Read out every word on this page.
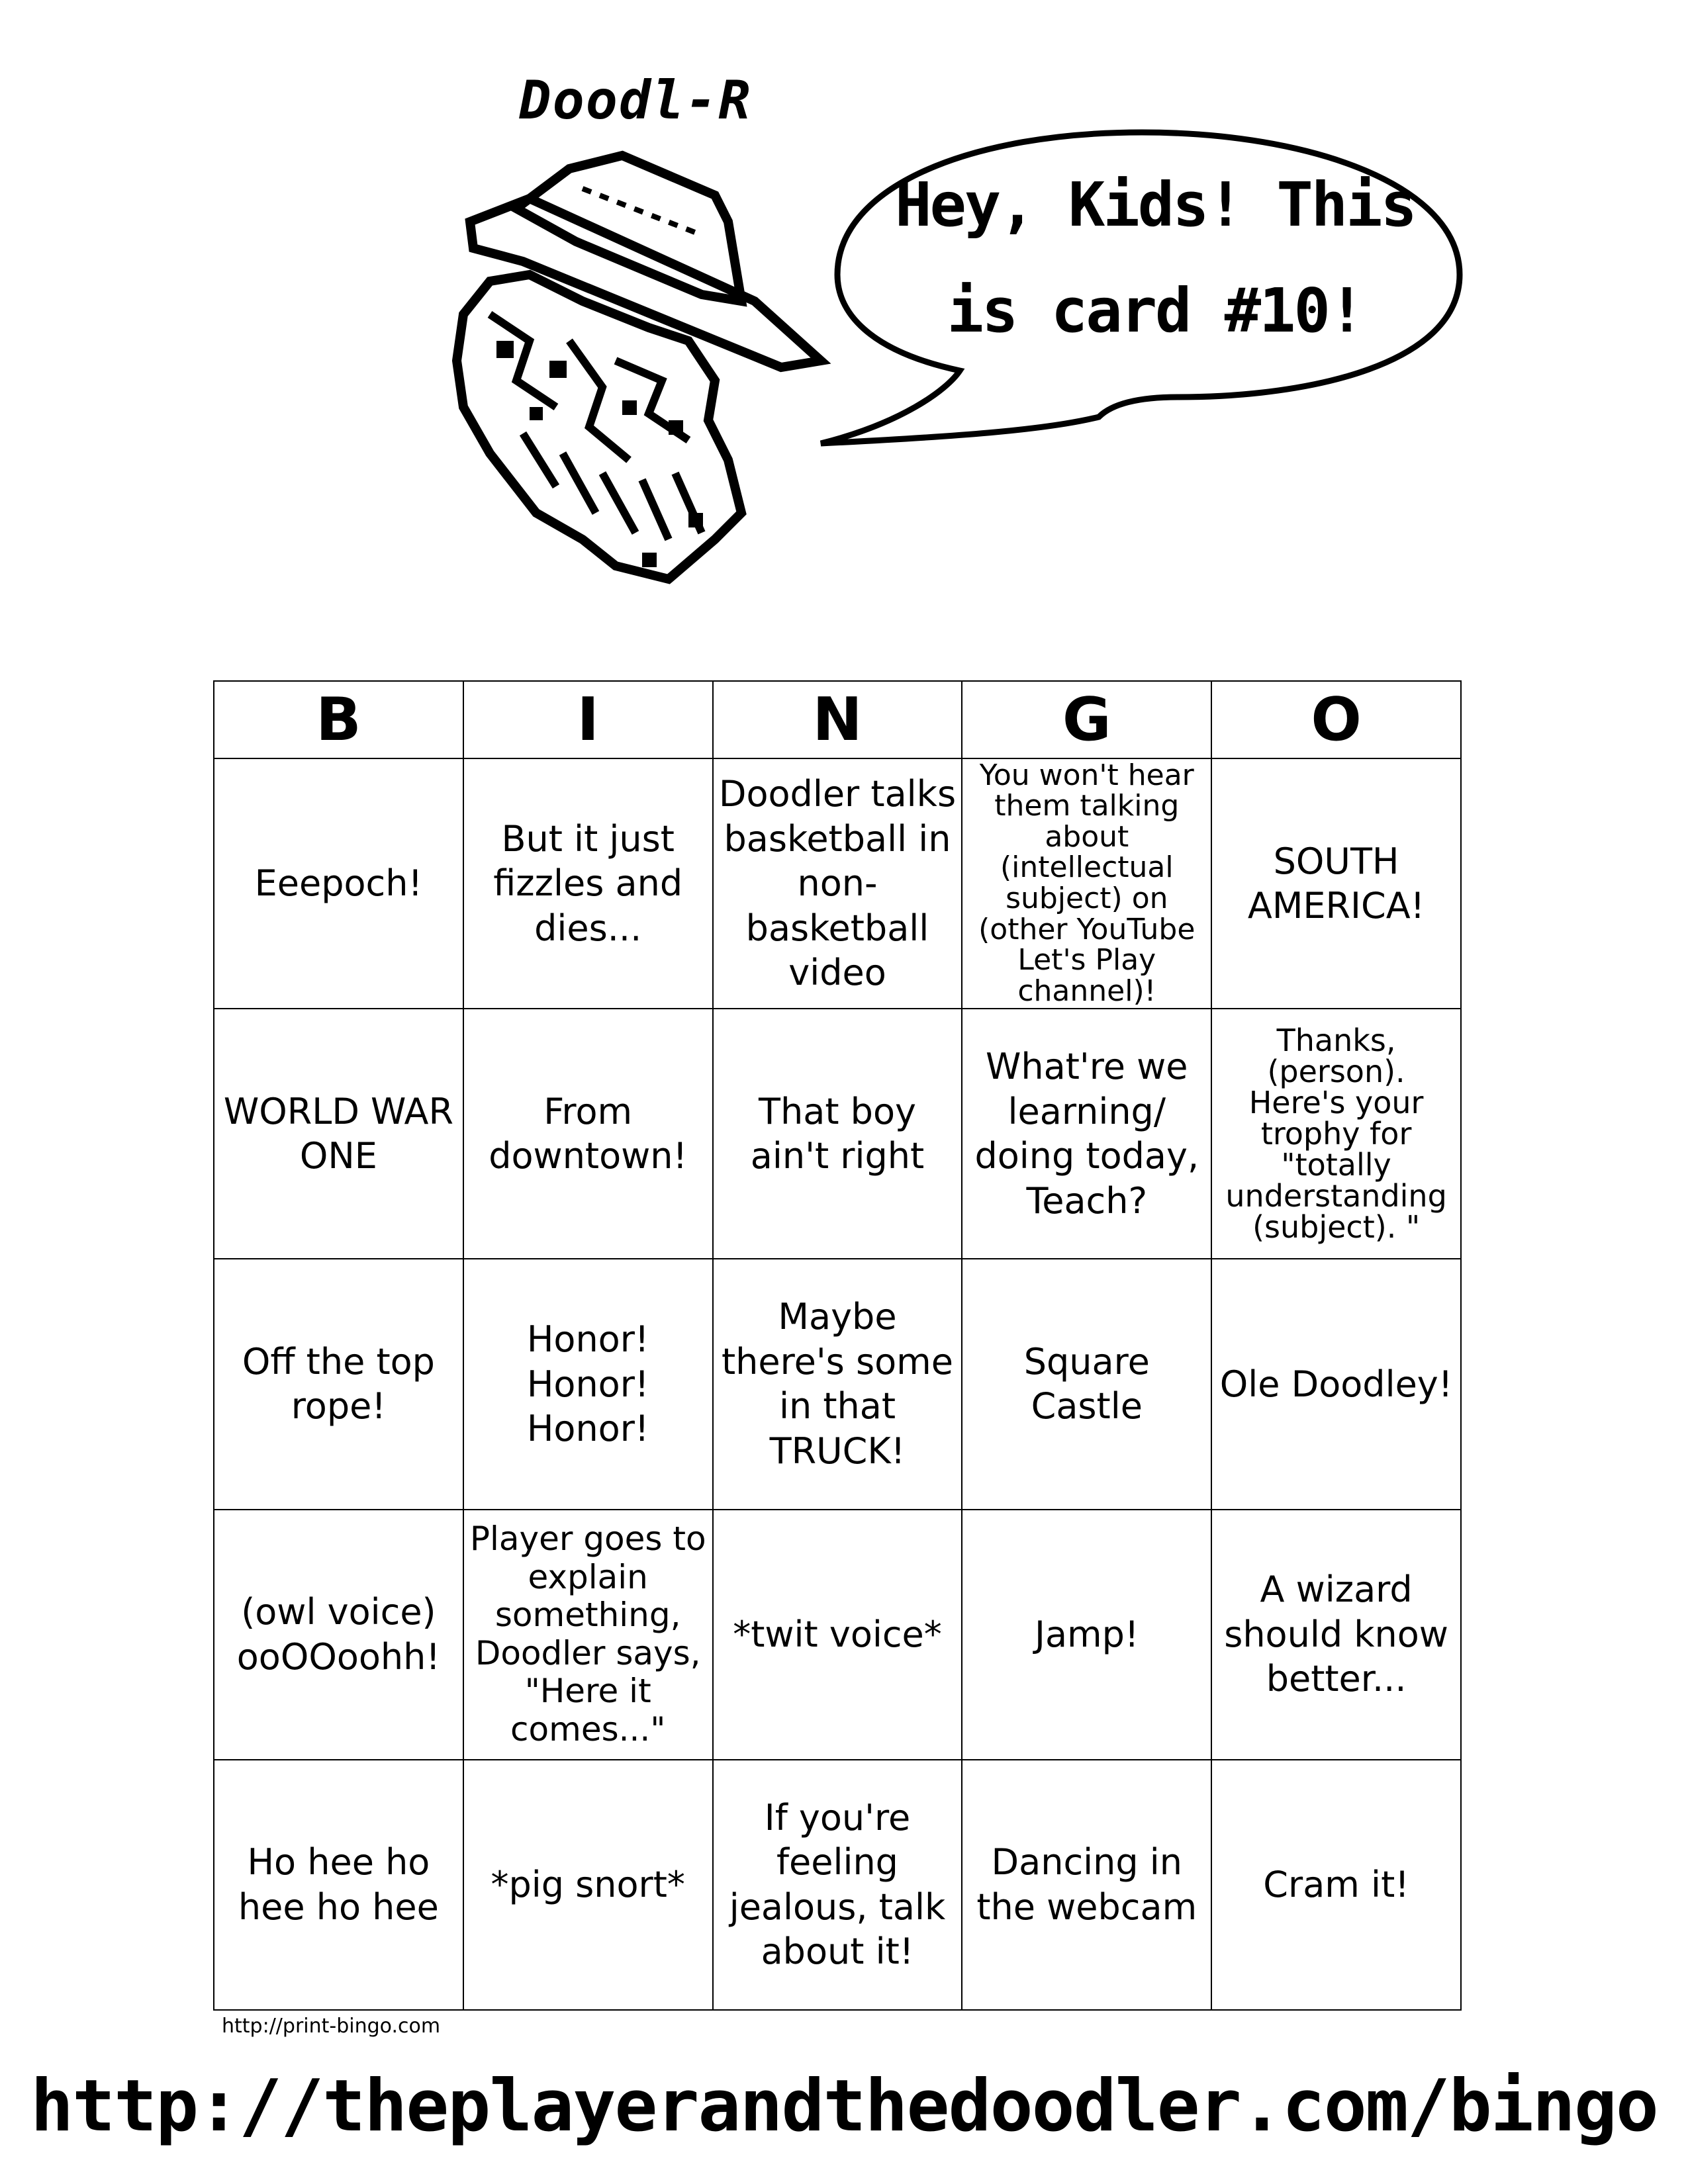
Doodl-R
Hey, Kids! This
is card #10!
B	I	N	G	O
Eeepoch!	But it just fizzles and dies...	Doodler talks basketball in non-basketball video	You won't hear them talking about (intellectual subject) on (other YouTube Let's Play channel)!	SOUTH AMERICA!
WORLD WAR ONE	From downtown!	That boy ain't right	What're we learning/ doing today, Teach?	Thanks, (person). Here's your trophy for "totally understanding (subject). "
Off the top rope!	Honor! Honor! Honor!	Maybe there's some in that TRUCK!	Square Castle	Ole Doodley!
(owl voice) ooOOoohh!	Player goes to explain something, Doodler says, "Here it comes..."	*twit voice*	Jamp!	A wizard should know better...
Ho hee ho hee ho hee	*pig snort*	If you're feeling jealous, talk about it!	Dancing in the webcam	Cram it!
http://print-bingo.com
http://theplayerandthedoodler.com/bingo
